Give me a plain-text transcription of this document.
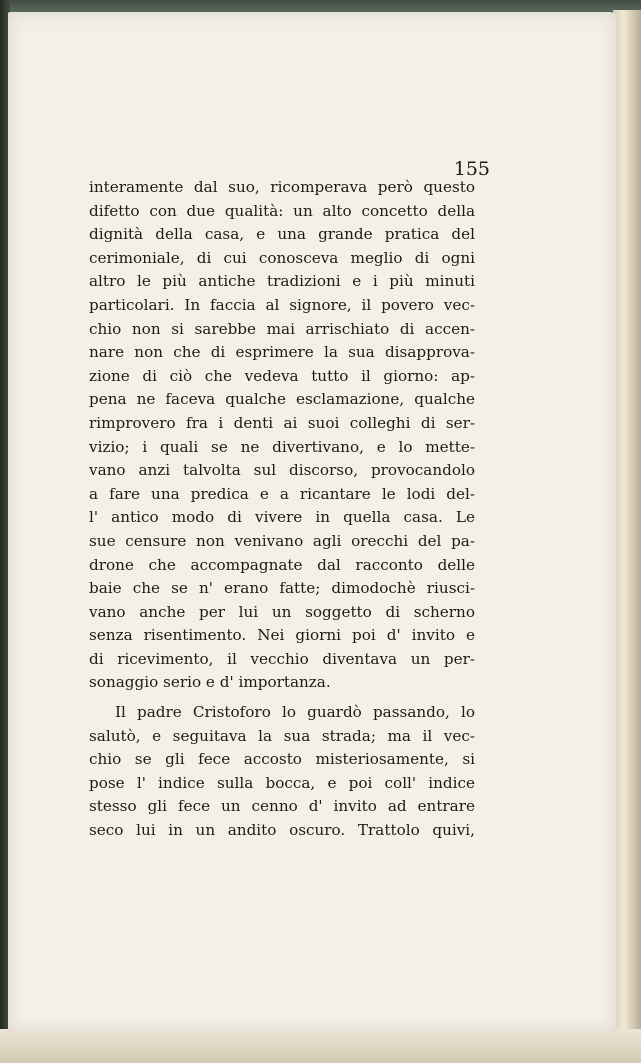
155

interamente dal suo, ricomperava però questo
difetto con due qualità: un alto concetto della
dignità della casa, e una grande pratica del
cerimoniale, di cui conosceva meglio di ogni
altro le più antiche tradizioni e i più minuti
particolari. In faccia al signore, il povero vec-
chio non si sarebbe mai arrischiato di accen-
nare non che di esprimere la sua disapprova-
zione di ciò che vedeva tutto il giorno: ap-
pena ne faceva qualche esclamazione, qualche
rimprovero fra i denti ai suoi colleghi di ser-
vizio; i quali se ne divertivano, e lo mette-
vano anzi talvolta sul discorso, provocandolo
a fare una predica e a ricantare le lodi del-
l' antico modo di vivere in quella casa. Le
sue censure non venivano agli orecchi del pa-
drone che accompagnate dal racconto delle
baie che se n' erano fatte; dimodochè riusci-
vano anche per lui un soggetto di scherno
senza risentimento. Nei giorni poi d' invito e
di ricevimento, il vecchio diventava un per-
sonaggio serio e d' importanza.
Il padre Cristoforo lo guardò passando, lo
salutò, e seguitava la sua strada; ma il vec-
chio se gli fece accosto misteriosamente, si
pose l' indice sulla bocca, e poi coll' indice
stesso gli fece un cenno d' invito ad entrare
seco lui in un andito oscuro. Trattolo quivi,
